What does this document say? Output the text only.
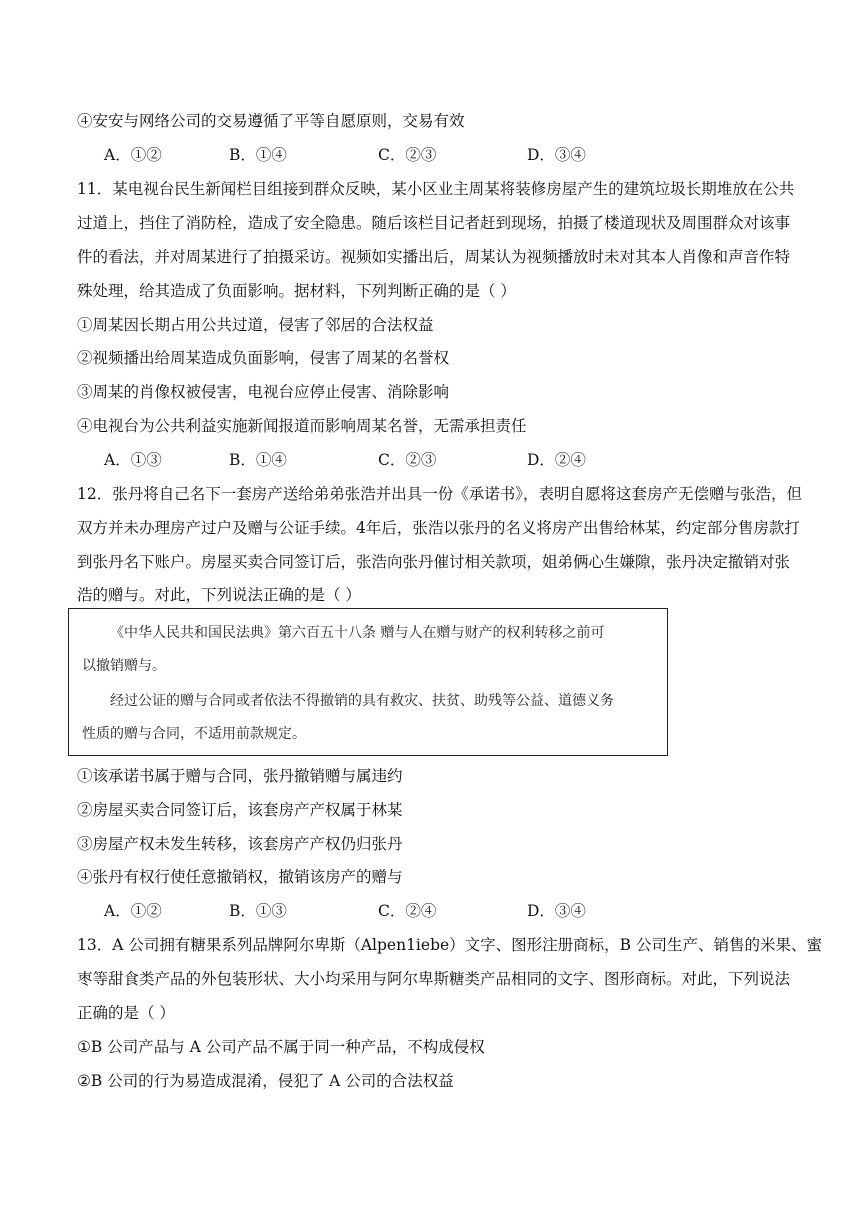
④安安与网络公司的交易遵循了平等自愿原则，交易有效
A．①②	B．①④	C．②③	D．③④
11．某电视台民生新闻栏目组接到群众反映，某小区业主周某将装修房屋产生的建筑垃圾长期堆放在公共
过道上，挡住了消防栓，造成了安全隐患。随后该栏目记者赶到现场，拍摄了楼道现状及周围群众对该事
件的看法，并对周某进行了拍摄采访。视频如实播出后，周某认为视频播放时未对其本人肖像和声音作特
殊处理，给其造成了负面影响。据材料，下列判断正确的是（ ）
①周某因长期占用公共过道，侵害了邻居的合法权益
②视频播出给周某造成负面影响，侵害了周某的名誉权
③周某的肖像权被侵害，电视台应停止侵害、消除影响
④电视台为公共利益实施新闻报道而影响周某名誉，无需承担责任
A．①③	B．①④	C．②③	D．②④
12．张丹将自己名下一套房产送给弟弟张浩并出具一份《承诺书》，表明自愿将这套房产无偿赠与张浩，但
双方并未办理房产过户及赠与公证手续。4年后，张浩以张丹的名义将房产出售给林某，约定部分售房款打
到张丹名下账户。房屋买卖合同签订后，张浩向张丹催讨相关款项，姐弟俩心生嫌隙，张丹决定撤销对张
浩的赠与。对此，下列说法正确的是（ ）
《中华人民共和国民法典》第六百五十八条 赠与人在赠与财产的权利转移之前可
以撤销赠与。
经过公证的赠与合同或者依法不得撤销的具有救灾、扶贫、助残等公益、道德义务
性质的赠与合同，不适用前款规定。
①该承诺书属于赠与合同，张丹撤销赠与属违约
②房屋买卖合同签订后，该套房产产权属于林某
③房屋产权未发生转移，该套房产产权仍归张丹
④张丹有权行使任意撤销权，撤销该房产的赠与
A．①②	B．①③	C．②④	D．③④
13．A 公司拥有糖果系列品牌阿尔卑斯（Alpen1iebe）文字、图形注册商标，B 公司生产、销售的米果、蜜
枣等甜食类产品的外包装形状、大小均采用与阿尔卑斯糖类产品相同的文字、图形商标。对此，下列说法
正确的是（ ）
①B 公司产品与 A 公司产品不属于同一种产品，不构成侵权
②B 公司的行为易造成混淆，侵犯了 A 公司的合法权益
